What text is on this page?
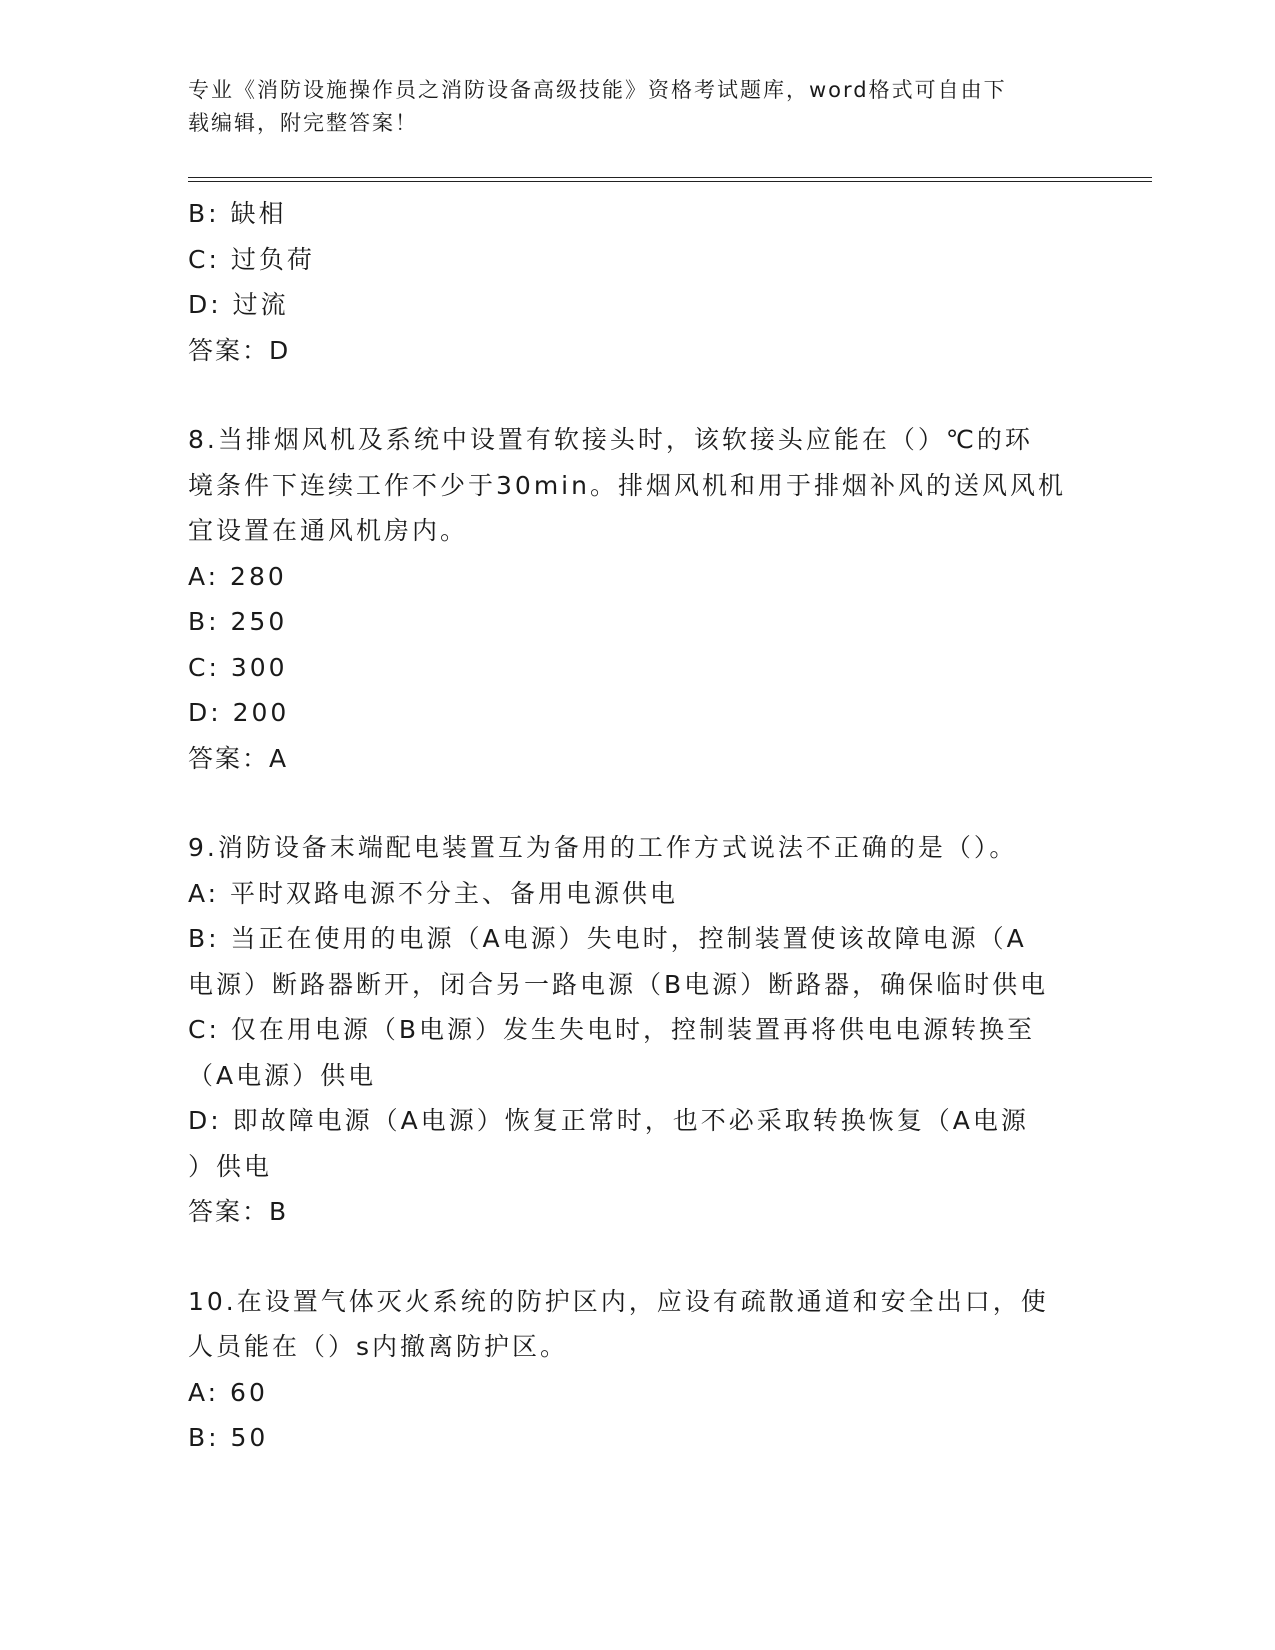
专业《消防设施操作员之消防设备高级技能》资格考试题库，word格式可自由下
载编辑，附完整答案！
B: 缺相
C: 过负荷
D: 过流
答案：D
8.当排烟风机及系统中设置有软接头时，该软接头应能在（）℃的环
境条件下连续工作不少于30min。排烟风机和用于排烟补风的送风风机
宜设置在通风机房内。
A: 280
B: 250
C: 300
D: 200
答案：A
9.消防设备末端配电装置互为备用的工作方式说法不正确的是（）。
A: 平时双路电源不分主、备用电源供电
B: 当正在使用的电源（A电源）失电时，控制装置使该故障电源（A
电源）断路器断开，闭合另一路电源（B电源）断路器，确保临时供电
C: 仅在用电源（B电源）发生失电时，控制装置再将供电电源转换至
（A电源）供电
D: 即故障电源（A电源）恢复正常时，也不必采取转换恢复（A电源
）供电
答案：B
10.在设置气体灭火系统的防护区内，应设有疏散通道和安全出口，使
人员能在（）s内撤离防护区。
A: 60
B: 50
